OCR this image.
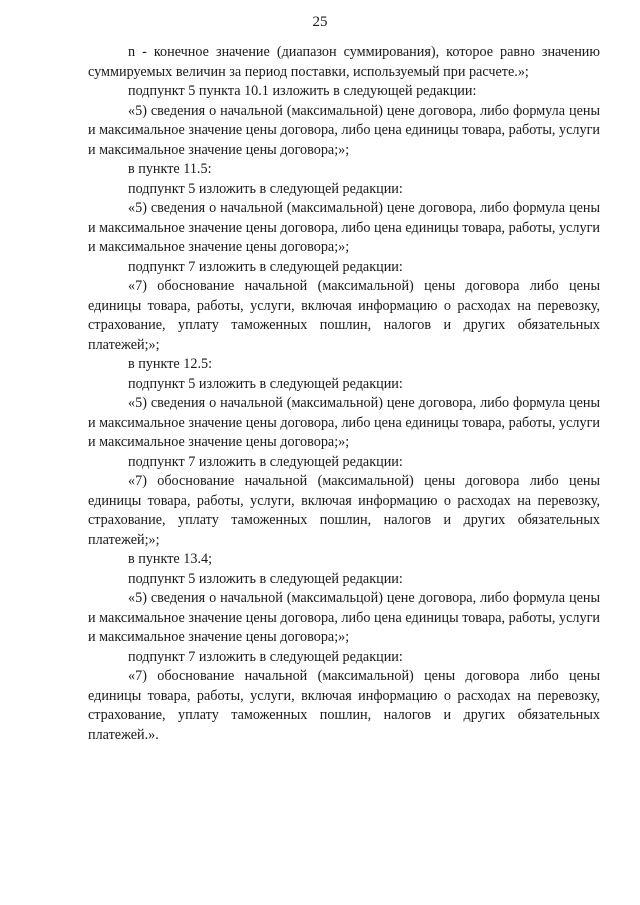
25

n - конечное значение (диапазон суммирования), которое равно значению суммируемых величин за период поставки, используемый при расчете.»;

подпункт 5 пункта 10.1 изложить в следующей редакции:

«5) сведения о начальной (максимальной) цене договора, либо формула цены и максимальное значение цены договора, либо цена единицы товара, работы, услуги и максимальное значение цены договора;»;

в пункте 11.5:

подпункт 5 изложить в следующей редакции:

«5) сведения о начальной (максимальной) цене договора, либо формула цены и максимальное значение цены договора, либо цена единицы товара, работы, услуги и максимальное значение цены договора;»;

подпункт 7 изложить в следующей редакции:

«7) обоснование начальной (максимальной) цены договора либо цены единицы товара, работы, услуги, включая информацию о расходах на перевозку, страхование, уплату таможенных пошлин, налогов и других обязательных платежей;»;

в пункте 12.5:

подпункт 5 изложить в следующей редакции:

«5) сведения о начальной (максимальной) цене договора, либо формула цены и максимальное значение цены договора, либо цена единицы товара, работы, услуги и максимальное значение цены договора;»;

подпункт 7 изложить в следующей редакции:

«7) обоснование начальной (максимальной) цены договора либо цены единицы товара, работы, услуги, включая информацию о расходах на перевозку, страхование, уплату таможенных пошлин, налогов и других обязательных платежей;»;

в пункте 13.4;

подпункт 5 изложить в следующей редакции:

«5) сведения о начальной (максимальцой) цене договора, либо формула цены и максимальное значение цены договора, либо цена единицы товара, работы, услуги и максимальное значение цены договора;»;

подпункт 7 изложить в следующей редакции:

«7) обоснование начальной (максимальной) цены договора либо цены единицы товара, работы, услуги, включая информацию о расходах на перевозку, страхование, уплату таможенных пошлин, налогов и других обязательных платежей.».
